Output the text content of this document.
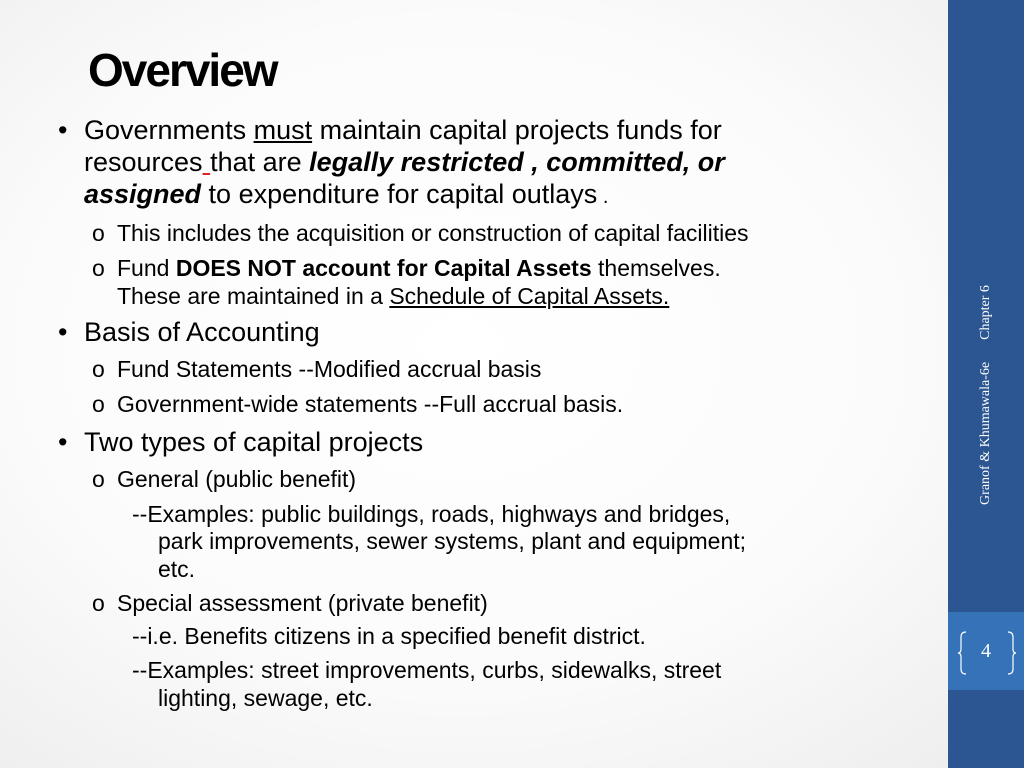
Overview
• Governments must maintain capital projects funds for
resources that are legally restricted , committed, or
assigned to expenditure for capital outlays .
o This includes the acquisition or construction of capital facilities
o Fund DOES NOT account for Capital Assets themselves.
These are maintained in a Schedule of Capital Assets.
• Basis of Accounting
o Fund Statements --Modified accrual basis
o Government-wide statements --Full accrual basis.
• Two types of capital projects
o General (public benefit)
--Examples: public buildings, roads, highways and bridges,
park improvements, sewer systems, plant and equipment;
etc.
o Special assessment (private benefit)
--i.e. Benefits citizens in a specified benefit district.
--Examples: street improvements, curbs, sidewalks, street
lighting, sewage, etc.
Granof & Khumawala-6eChapter 6
4
